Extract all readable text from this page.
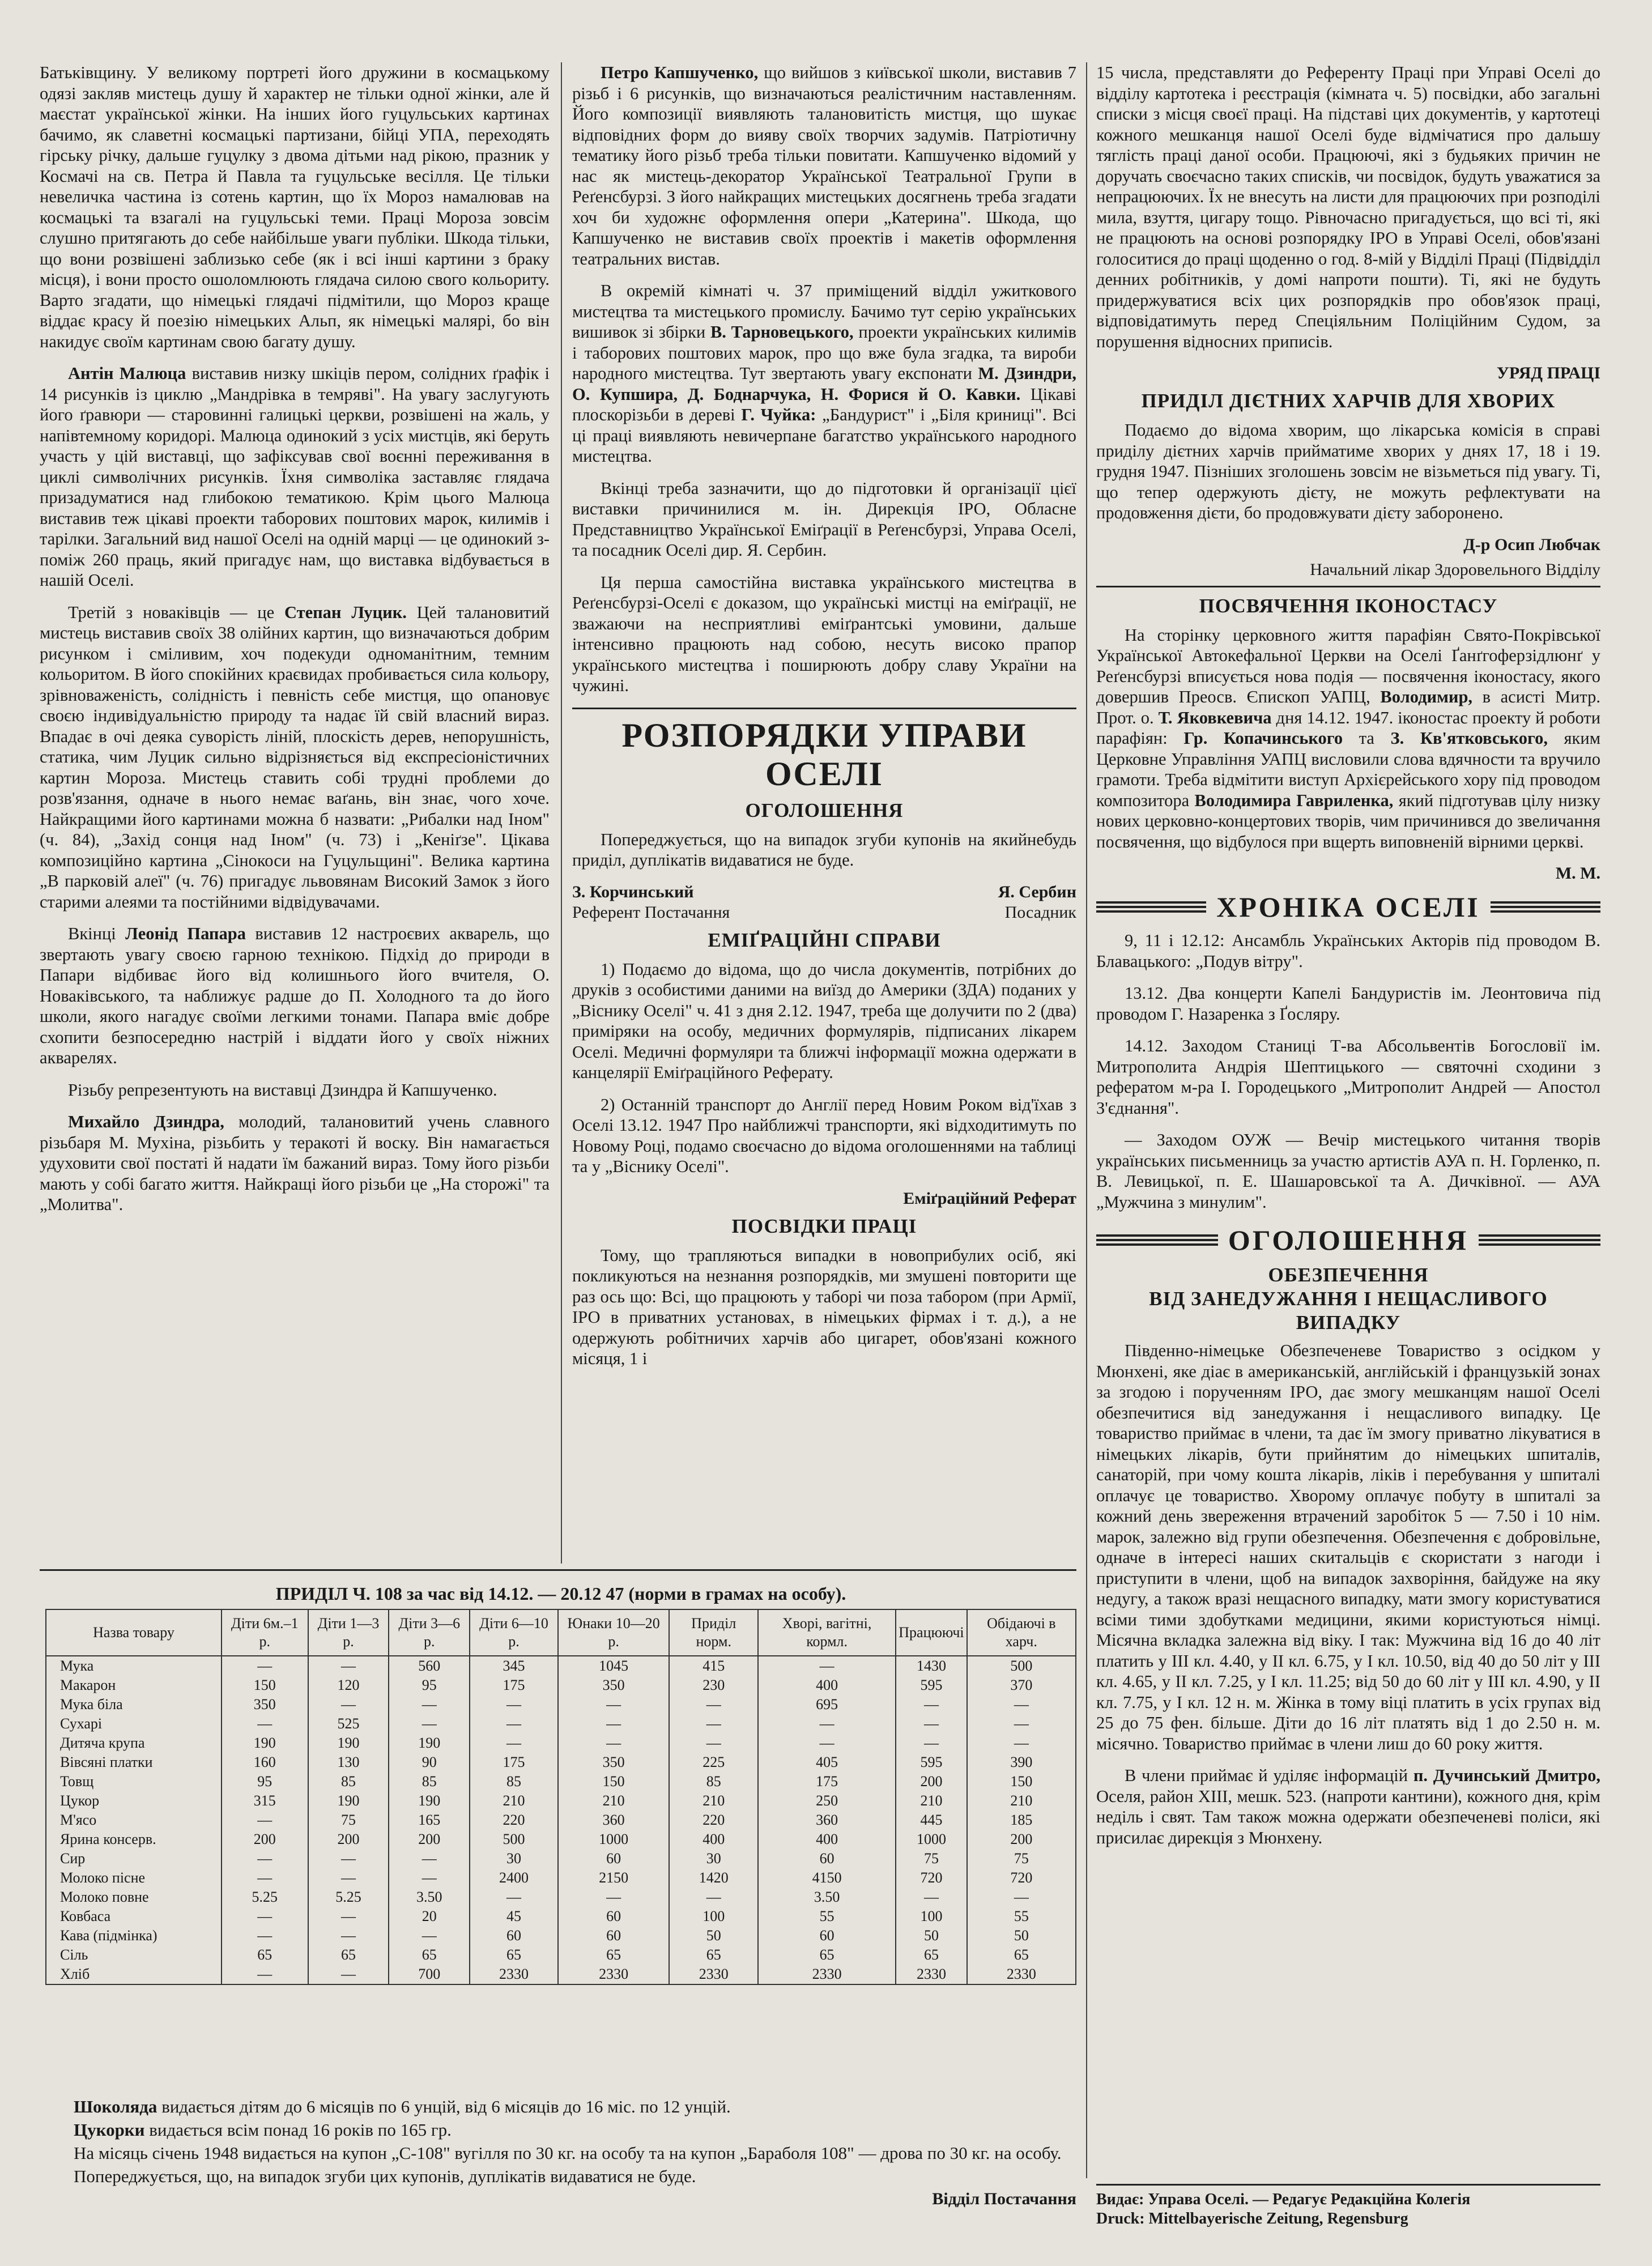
Батьківщину. У великому портреті його дружини в космацькому одязі закляв мистець душу й характер не тільки одної жінки, але й маєстат української жінки. На інших його гуцульських картинах бачимо, як славетні космацькі партизани, бійці УПА, переходять гірську річку, дальше гуцулку з двома дітьми над рікою, празник у Космачі на св. Петра й Павла та гуцульське весілля. Це тільки невеличка частина із сотень картин, що їх Мороз намалював на космацькі та взагалі на гуцульські теми. Праці Мороза зовсім слушно притягають до себе найбільше уваги публіки. Шкода тільки, що вони розвішені заблизько себе (як і всі інші картини з браку місця), і вони просто ошоломлюють глядача силою свого кольориту. Варто згадати, що німецькі глядачі підмітили, що Мороз краще віддає красу й поезію німецьких Альп, як німецькі малярі, бо він накидує своїм картинам свою багату душу.

Антін Малюца виставив низку шкіців пером, солідних ґрафік і 14 рисунків із циклю „Мандрівка в темряві". На увагу заслугують його ґравюри — старовинні галицькі церкви, розвішені на жаль, у напівтемному коридорі. Малюца одинокий з усіх мистців, які беруть участь у цій виставці, що зафіксував свої воєнні переживання в циклі символічних рисунків. Їхня символіка заставляє глядача призадуматися над глибокою тематикою. Крім цього Малюца виставив теж цікаві проекти таборових поштових марок, килимів і тарілки. Загальний вид нашої Оселі на одній марці — це одинокий з-поміж 260 праць, який пригадує нам, що виставка відбувається в нашій Оселі.

Третій з новаківців — це Степан Луцик. Цей талановитий мистець виставив своїх 38 олійних картин, що визначаються добрим рисунком і сміливим, хоч подекуди одноманітним, темним кольоритом. В його спокійних краєвидах пробивається сила кольору, зрівноваженість, солідність і певність себе мистця, що опановує своєю індивідуальністю природу та надає їй свій власний вираз. Впадає в очі деяка суворість ліній, плоскість дерев, непорушність, статика, чим Луцик сильно відрізняється від експресіоністичних картин Мороза. Мистець ставить собі трудні проблеми до розв'язання, одначе в нього немає ваґань, він знає, чого хоче. Найкращими його картинами можна б назвати: „Рибалки над Іном" (ч. 84), „Захід сонця над Іном" (ч. 73) і „Кеніґзе". Цікава композиційно картина „Сінокоси на Гуцульщині". Велика картина „В парковій алеї" (ч. 76) пригадує львовянам Високий Замок з його старими алеями та постійними відвідувачами.

Вкінці Леонід Папара виставив 12 настроєвих акварель, що звертають увагу своєю гарною технікою. Підхід до природи в Папари відбиває його від колишнього його вчителя, О. Новаківського, та наближує радше до П. Холодного та до його школи, якого нагадує своїми легкими тонами. Папара вміє добре схопити безпосередню настрій і віддати його у своїх ніжних акварелях.

Різьбу репрезентують на виставці Дзиндра й Капшученко.

Михайло Дзиндра, молодий, талановитий учень славного різьбаря М. Мухіна, різьбить у теракоті й воску. Він намагається удуховити свої постаті й надати їм бажаний вираз. Тому його різьби мають у собі багато життя. Найкращі його різьби це „На сторожі" та „Молитва".

Петро Капшученко, що вийшов з київської школи, виставив 7 різьб і 6 рисунків, що визначаються реалістичним наставленням. Його композиції виявляють талановитість мистця, що шукає відповідних форм до вияву своїх творчих задумів. Патріотичну тематику його різьб треба тільки повитати. Капшученко відомий у нас як мистець-декоратор Української Театральної Групи в Реґенсбурзі. З його найкращих мистецьких досягнень треба згадати хоч би художнє оформлення опери „Катерина". Шкода, що Капшученко не виставив своїх проектів і макетів оформлення театральних вистав.

В окремій кімнаті ч. 37 приміщений відділ ужиткового мистецтва та мистецького промислу. Бачимо тут серію українських вишивок зі збірки В. Тарновецького, проекти українських килимів і таборових поштових марок, про що вже була згадка, та вироби народного мистецтва. Тут звертають увагу експонати М. Дзиндри, О. Купшира, Д. Боднарчука, Н. Форися й О. Кавки. Цікаві плоскорізьби в дереві Г. Чуйка: „Бандурист" і „Біля криниці". Всі ці праці виявляють невичерпане багатство українського народного мистецтва.

Вкінці треба зазначити, що до підготовки й організації цієї виставки причинилися м. ін. Дирекція ІРО, Обласне Представництво Української Еміґрації в Реґенсбурзі, Управа Оселі, та посадник Оселі дир. Я. Сербин.

Ця перша самостійна виставка українського мистецтва в Реґенсбурзі-Оселі є доказом, що українські мистці на еміґрації, не зважаючи на несприятливі еміґрантські умовини, дальше інтенсивно працюють над собою, несуть високо прапор українського мистецтва і поширюють добру славу України на чужині.

РОЗПОРЯДКИ УПРАВИ ОСЕЛІ
ОГОЛОШЕННЯ

Попереджується, що на випадок згуби купонів на якийнебудь приділ, дуплікатів видаватися не буде.

З. Корчинський	Я. Сербин
Референт Постачання	Посадник
ЕМІҐРАЦІЙНІ СПРАВИ

1) Подаємо до відома, що до числа документів, потрібних до друків з особистими даними на виїзд до Америки (ЗДА) поданих у „Віснику Оселі" ч. 41 з дня 2.12. 1947, треба ще долучити по 2 (два) приміряки на особу, медичних формулярів, підписаних лікарем Оселі. Медичні формуляри та ближчі інформації можна одержати в канцелярії Еміґраційного Реферату.

2) Останній транспорт до Англії перед Новим Роком від'їхав з Оселі 13.12. 1947 Про найближчі транспорти, які відходитимуть по Новому Році, подамо своєчасно до відома оголошеннями на таблиці та у „Віснику Оселі".

Еміґраційний Реферат
ПОСВІДКИ ПРАЦІ

Тому, що трапляються випадки в новоприбулих осіб, які покликуються на незнання розпорядків, ми змушені повторити ще раз ось що: Всі, що працюють у таборі чи поза табором (при Армії, ІРО в приватних установах, в німецьких фірмах і т. д.), а не одержують робітничих харчів або цигарет, обов'язані кожного місяця, 1 і

15 числа, представляти до Референту Праці при Управі Оселі до відділу картотека і реєстрація (кімната ч. 5) посвідки, або загальні списки з місця своєї праці. На підставі цих документів, у картотеці кожного мешканця нашої Оселі буде відмічатися про дальшу тяглість праці даної особи. Працюючі, які з будьяких причин не доручать своєчасно таких списків, чи посвідок, будуть уважатися за непрацюючих. Їх не внесуть на листи для працюючих при розподілі мила, взуття, цигару тощо. Рівночасно пригадується, що всі ті, які не працюють на основі розпорядку ІРО в Управі Оселі, обов'язані голоситися до праці щоденно о год. 8-мій у Відділі Праці (Підвідділ денних робітників, у домі напроти пошти). Ті, які не будуть придержуватися всіх цих розпорядків про обов'язок праці, відповідатимуть перед Спеціяльним Поліційним Судом, за порушення відносних приписів.

УРЯД ПРАЦІ
ПРИДІЛ ДІЄТНИХ ХАРЧІВ ДЛЯ ХВОРИХ

Подаємо до відома хворим, що лікарська комісія в справі приділу дієтних харчів прийматиме хворих у днях 17, 18 і 19. грудня 1947. Пізніших зголошень зовсім не візьметься під увагу. Ті, що тепер одержують дієту, не можуть рефлектувати на продовження дієти, бо продовжувати дієту заборонено.

Д-р Осип Любчак
Начальний лікар Здоровельного Відділу
ПОСВЯЧЕННЯ ІКОНОСТАСУ

На сторінку церковного життя парафіян Свято-Покрівської Української Автокефальної Церкви на Оселі Ґанґгоферзідлюнґ у Реґенсбурзі вписується нова подія — посвячення іконостасу, якого довершив Преосв. Єпископ УАПЦ, Володимир, в асисті Митр. Прот. о. Т. Яковкевича дня 14.12. 1947. іконостас проекту й роботи парафіян: Гр. Копачинського та З. Кв'ятковського, яким Церковне Управління УАПЦ висловили слова вдячности та вручило грамоти. Треба відмітити виступ Архієрейського хору під проводом композитора Володимира Гавриленка, який підготував цілу низку нових церковно-концертових творів, чим причинився до звеличання посвячення, що відбулося при вщерть виповненій вірними церкві.

М. М.
ХРОНІКА ОСЕЛІ

9, 11 і 12.12: Ансамбль Українських Акторів під проводом В. Блавацького: „Подув вітру".

13.12. Два концерти Капелі Бандуристів ім. Леонтовича під проводом Г. Назаренка з Ґосляру.

14.12. Заходом Станиці Т-ва Абсольвентів Богословії ім. Митрополита Андрія Шептицького — святочні сходини з рефератом м-ра І. Городецького „Митрополит Андрей — Апостол З'єднання".

— Заходом ОУЖ — Вечір мистецького читання творів українських письменниць за участю артистів АУА п. Н. Горленко, п. В. Левицької, п. Е. Шашаровської та А. Дичківної. — АУА „Мужчина з минулим".

ОГОЛОШЕННЯ
ОБЕЗПЕЧЕННЯ
ВІД ЗАНЕДУЖАННЯ І НЕЩАСЛИВОГО ВИПАДКУ

Південно-німецьке Обезпеченеве Товариство з осідком у Мюнхені, яке діає в американській, англійській і французькій зонах за згодою і порученням ІРО, дає змогу мешканцям нашої Оселі обезпечитися від занедужання і нещасливого випадку. Це товариство приймає в члени, та дає їм змогу приватно лікуватися в німецьких лікарів, бути прийнятим до німецьких шпиталів, санаторій, при чому кошта лікарів, ліків і перебування у шпиталі оплачує це товариство. Хворому оплачує побуту в шпиталі за кожний день звереження втрачений заробіток 5 — 7.50 і 10 нім. марок, залежно від групи обезпечення. Обезпечення є добровільне, одначе в інтересі наших скитальців є скористати з нагоди і приступити в члени, щоб на випадок захворіння, байдуже на яку недугу, а також вразі нещасного випадку, мати змогу користуватися всіми тими здобутками медицини, якими користуються німці. Місячна вкладка залежна від віку. І так: Мужчина від 16 до 40 літ платить у III кл. 4.40, у II кл. 6.75, у I кл. 10.50, від 40 до 50 літ у III кл. 4.65, у II кл. 7.25, у I кл. 11.25; від 50 до 60 літ у III кл. 4.90, у II кл. 7.75, у I кл. 12 н. м. Жінка в тому віці платить в усіх групах від 25 до 75 фен. більше. Діти до 16 літ платять від 1 до 2.50 н. м. місячно. Товариство приймає в члени лиш до 60 року життя.

В члени приймає й уділяє інформацій п. Дучинський Дмитро, Оселя, район XIII, мешк. 523. (напроти кантини), кожного дня, крім неділь і свят. Там також можна одержати обезпеченеві поліси, які присилає дирекція з Мюнхену.

ПРИДІЛ Ч. 108 за час від 14.12. — 20.12 47 (норми в грамах на особу).
Назва товару	Діти 6м.–1 р.	Діти 1—3 р.	Діти 3—6 р.	Діти 6—10 р.	Юнаки 10—20 р.	Приділ норм.	Хворі, вагітні, кормл.	Працюючі	Обідаючі в харч.
Мука	—	—	560	345	1045	415	—	1430	500
Макарон	150	120	95	175	350	230	400	595	370
Мука біла	350	—	—	—	—	—	695	—	—
Сухарі	—	525	—	—	—	—	—	—	—
Дитяча крупа	190	190	190	—	—	—	—	—	—
Вівсяні платки	160	130	90	175	350	225	405	595	390
Товщ	95	85	85	85	150	85	175	200	150
Цукор	315	190	190	210	210	210	250	210	210
М'ясо	—	75	165	220	360	220	360	445	185
Ярина консерв.	200	200	200	500	1000	400	400	1000	200
Сир	—	—	—	30	60	30	60	75	75
Молоко пісне	—	—	—	2400	2150	1420	4150	720	720
Молоко повне	5.25	5.25	3.50	—	—	—	3.50	—	—
Ковбаса	—	—	20	45	60	100	55	100	55
Кава (підмінка)	—	—	—	60	60	50	60	50	50
Сіль	65	65	65	65	65	65	65	65	65
Хліб	—	—	700	2330	2330	2330	2330	2330	2330

Шоколяда видається дітям до 6 місяців по 6 унцій, від 6 місяців до 16 міс. по 12 унцій.

Цукорки видається всім понад 16 років по 165 гр.

На місяць січень 1948 видається на купон „С-108" вугілля по 30 кг. на особу та на купон „Бараболя 108" — дрова по 30 кг. на особу.

Попереджується, що, на випадок згуби цих купонів, дуплікатів видаватися не буде.

Відділ Постачання Видає: Управа Оселі. — Редагує Редакційна Колегія
Druck: Mittelbayerische Zeitung, Regensburg
